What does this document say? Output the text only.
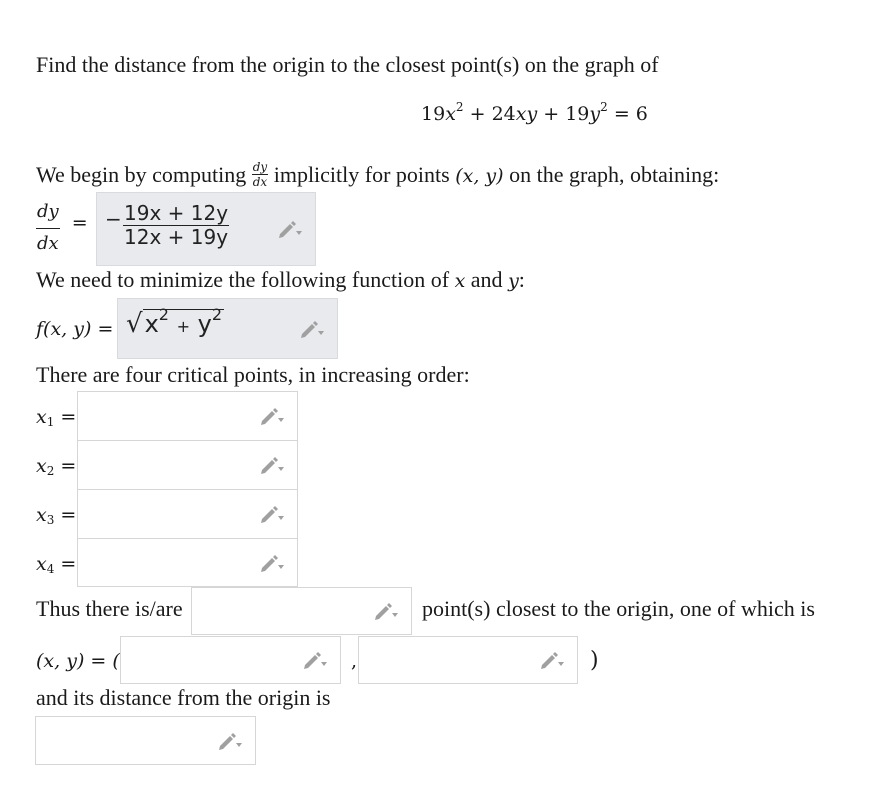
Find the distance from the origin to the closest point(s) on the graph of
$19x^2 + 24xy + 19y^2 = 6$
We begin by computing $\frac{dy}{dx}$ implicitly for points (x, y) on the graph, obtaining:
$\frac{dy}{dx}$ = − $\frac{19x + 12y}{12x + 19y}$
We need to minimize the following function of x and y:
f(x, $y) = √x^2 + y^2$
There are four critical points, in increasing order:
$x_1$ =
$x_2$ =
$x_3$ =
$x_4$ =
Thus there is/are	point(s) closest to the origin, one of which is
(x, y) = (	,	)
and its distance from the origin is
